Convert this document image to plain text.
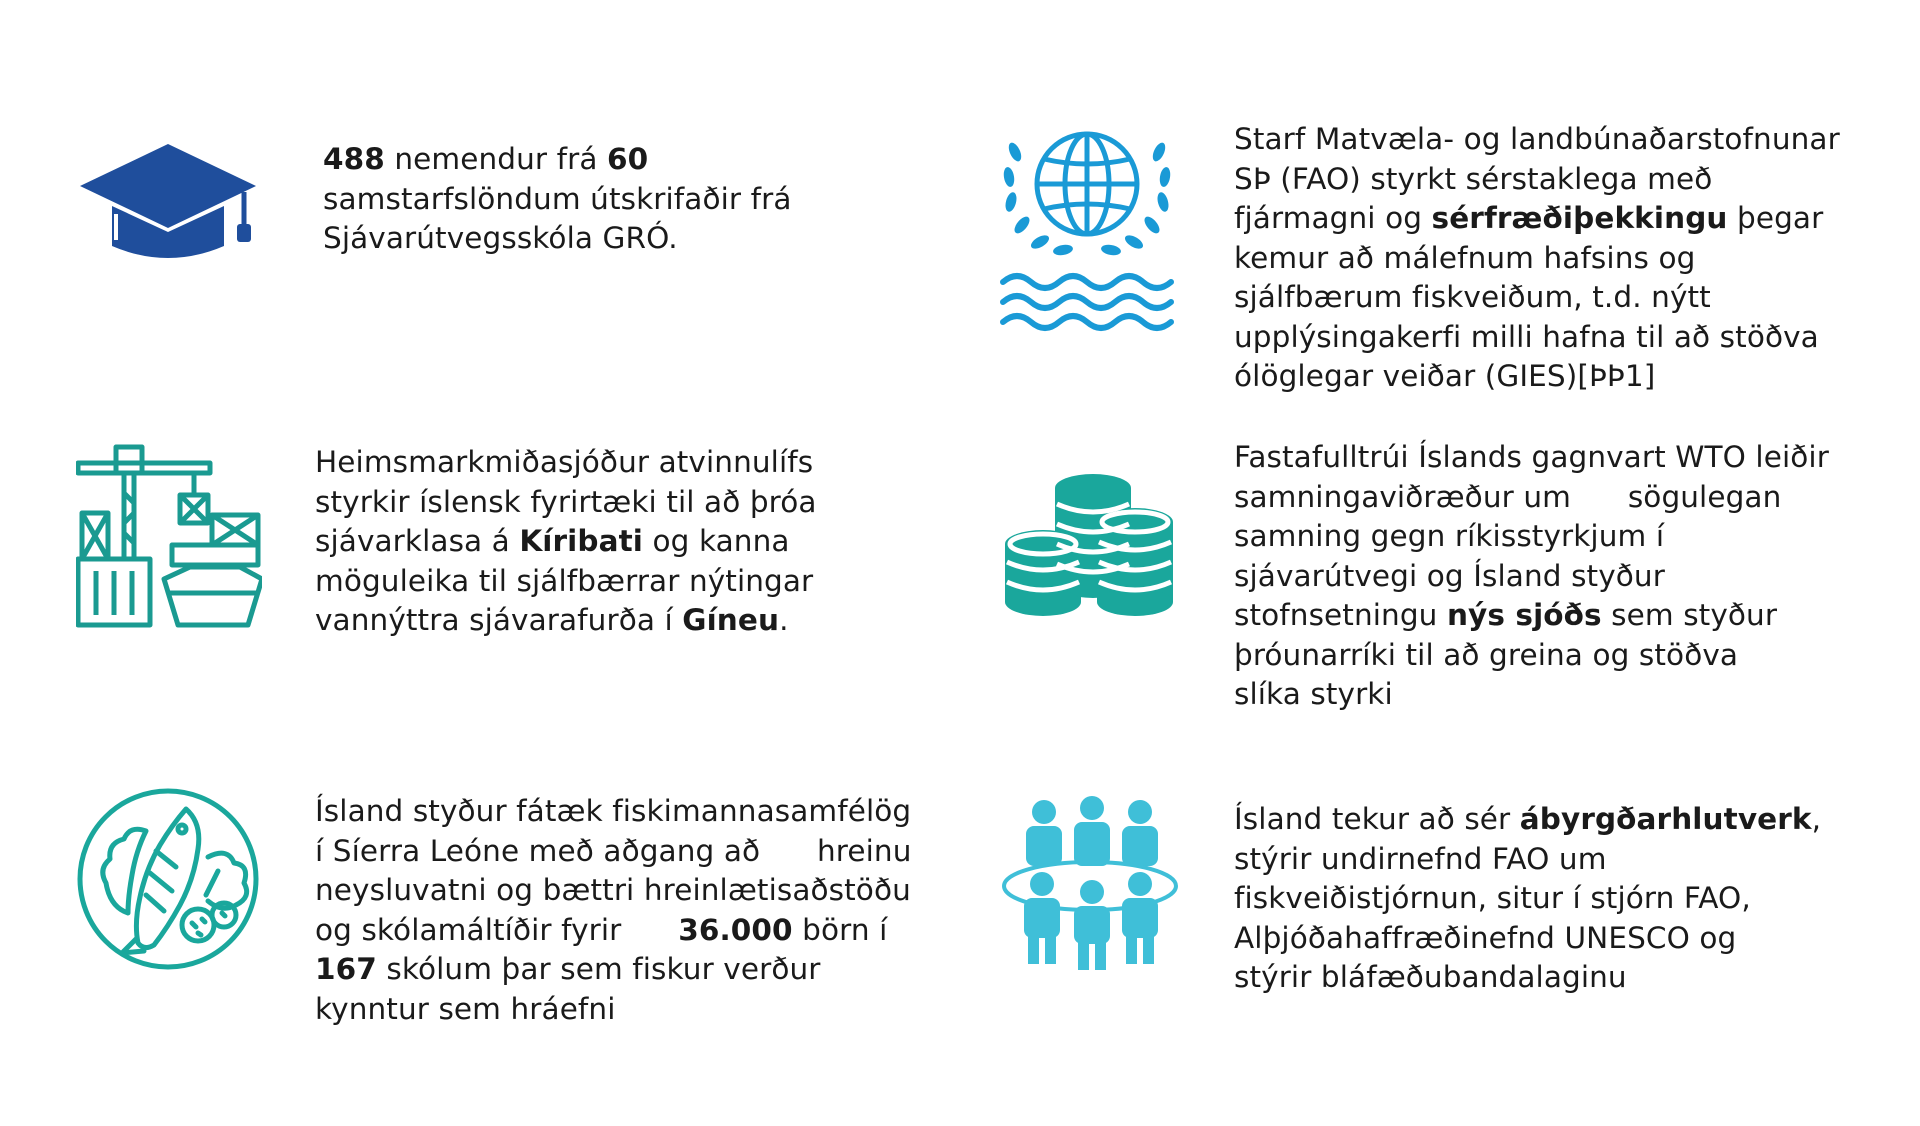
488 nemendur frá 60
samstarfslöndum útskrifaðir frá
Sjávarútvegsskóla GRÓ.
Starf Matvæla- og landbúnaðarstofnunar
SÞ (FAO) styrkt sérstaklega með
fjármagni og sérfræðiþekkingu þegar
kemur að málefnum hafsins og
sjálfbærum fiskveiðum, t.d. nýtt
upplýsingakerfi milli hafna til að stöðva
ólöglegar veiðar (GIES)[ÞÞ1]
Heimsmarkmiðasjóður atvinnulífs
styrkir íslensk fyrirtæki til að þróa
sjávarklasa á Kíribati og kanna
möguleika til sjálfbærrar nýtingar
vannýttra sjávarafurða í Gíneu.
Fastafulltrúi Íslands gagnvart WTO leiðir
samningaviðræður um      sögulegan
samning gegn ríkisstyrkjum í
sjávarútvegi og Ísland styður
stofnsetningu nýs sjóðs sem styður
þróunarríki til að greina og stöðva
slíka styrki
Ísland styður fátæk fiskimannasamfélög
í Síerra Leóne með aðgang að      hreinu
neysluvatni og bættri hreinlætisaðstöðu
og skólamáltíðir fyrir      36.000 börn í
167 skólum þar sem fiskur verður
kynntur sem hráefni
Ísland tekur að sér ábyrgðarhlutverk,
stýrir undirnefnd FAO um
fiskveiðistjórnun, situr í stjórn FAO,
Alþjóðahaffræðinefnd UNESCO og
stýrir bláfæðubandalaginu
